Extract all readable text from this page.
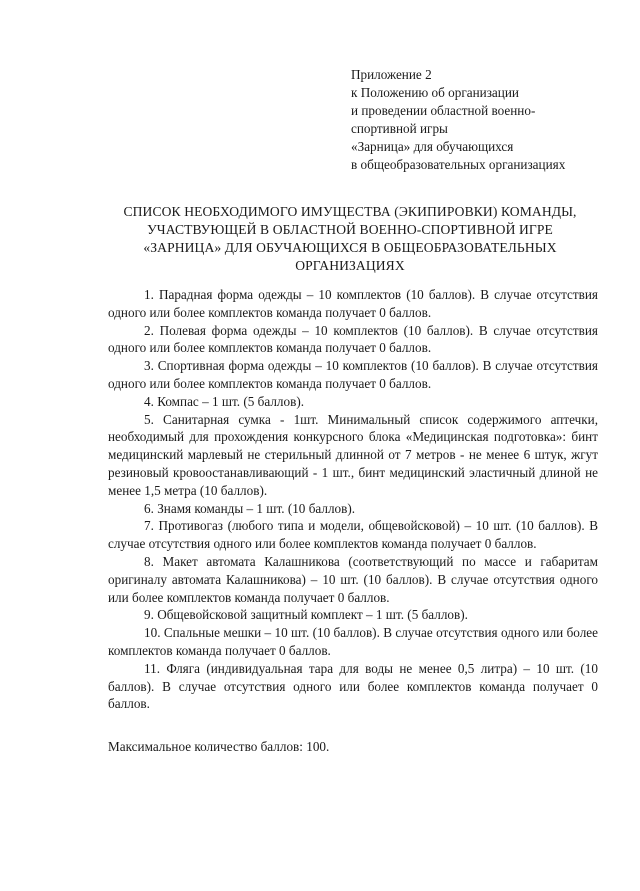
Приложение 2
к Положению об организации
и проведении областной военно-
спортивной игры
«Зарница» для обучающихся
в общеобразовательных организациях
СПИСОК НЕОБХОДИМОГО ИМУЩЕСТВА (ЭКИПИРОВКИ) КОМАНДЫ,
УЧАСТВУЮЩЕЙ В ОБЛАСТНОЙ ВОЕННО-СПОРТИВНОЙ ИГРЕ
«ЗАРНИЦА» ДЛЯ ОБУЧАЮЩИХСЯ В ОБЩЕОБРАЗОВАТЕЛЬНЫХ
ОРГАНИЗАЦИЯХ

1. Парадная форма одежды – 10 комплектов (10 баллов). В случае отсутствия одного или более комплектов команда получает 0 баллов.

2. Полевая форма одежды – 10 комплектов (10 баллов). В случае отсутствия одного или более комплектов команда получает 0 баллов.

3. Спортивная форма одежды – 10 комплектов (10 баллов). В случае отсутствия одного или более комплектов команда получает 0 баллов.

4. Компас – 1 шт. (5 баллов).

5. Санитарная сумка - 1шт. Минимальный список содержимого аптечки, необходимый для прохождения конкурсного блока «Медицинская подготовка»: бинт медицинский марлевый не стерильный длинной от 7 метров - не менее 6 штук, жгут резиновый кровоостанавливающий - 1 шт., бинт медицинский эластичный длиной не менее 1,5 метра (10 баллов).

6. Знамя команды – 1 шт. (10 баллов).

7. Противогаз (любого типа и модели, общевойсковой) – 10 шт. (10 баллов). В случае отсутствия одного или более комплектов команда получает 0 баллов.

8. Макет автомата Калашникова (соответствующий по массе и габаритам оригиналу автомата Калашникова) – 10 шт. (10 баллов). В случае отсутствия одного или более комплектов команда получает 0 баллов.

9. Общевойсковой защитный комплект – 1 шт. (5 баллов).

10. Спальные мешки – 10 шт. (10 баллов). В случае отсутствия одного или более комплектов команда получает 0 баллов.

11. Фляга (индивидуальная тара для воды не менее 0,5 литра) – 10 шт. (10 баллов). В случае отсутствия одного или более комплектов команда получает 0 баллов.

Максимальное количество баллов: 100.
